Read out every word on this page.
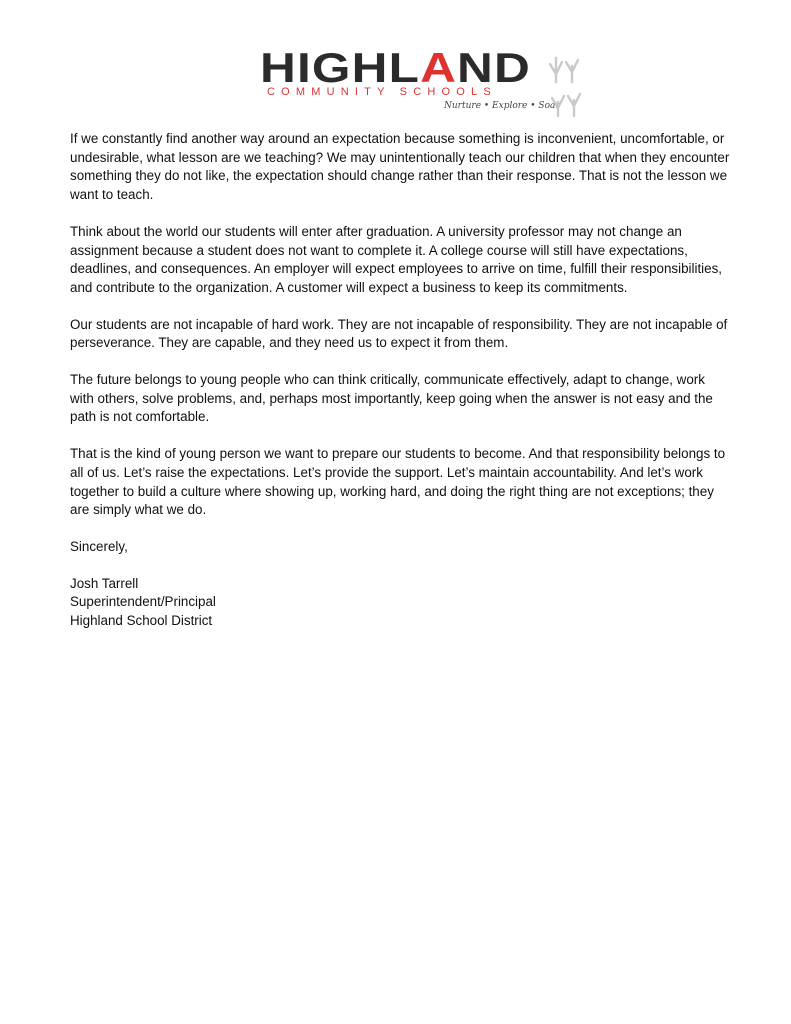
HIGHL A ND
COMMUNITY SCHOOLS
Nurture • Explore • Soar

If we constantly find another way around an expectation because something is inconvenient, uncomfortable, or undesirable, what lesson are we teaching? We may unintentionally teach our children that when they encounter something they do not like, the expectation should change rather than their response. That is not the lesson we want to teach.

Think about the world our students will enter after graduation. A university professor may not change an assignment because a student does not want to complete it. A college course will still have expectations, deadlines, and consequences. An employer will expect employees to arrive on time, fulfill their responsibilities, and contribute to the organization. A customer will expect a business to keep its commitments.

Our students are not incapable of hard work. They are not incapable of responsibility. They are not incapable of perseverance. They are capable, and they need us to expect it from them.

The future belongs to young people who can think critically, communicate effectively, adapt to change, work with others, solve problems, and, perhaps most importantly, keep going when the answer is not easy and the path is not comfortable.

That is the kind of young person we want to prepare our students to become. And that responsibility belongs to all of us. Let’s raise the expectations. Let’s provide the support. Let’s maintain accountability. And let’s work together to build a culture where showing up, working hard, and doing the right thing are not exceptions; they are simply what we do.

Sincerely,

Josh Tarrell
Superintendent/Principal
Highland School District
